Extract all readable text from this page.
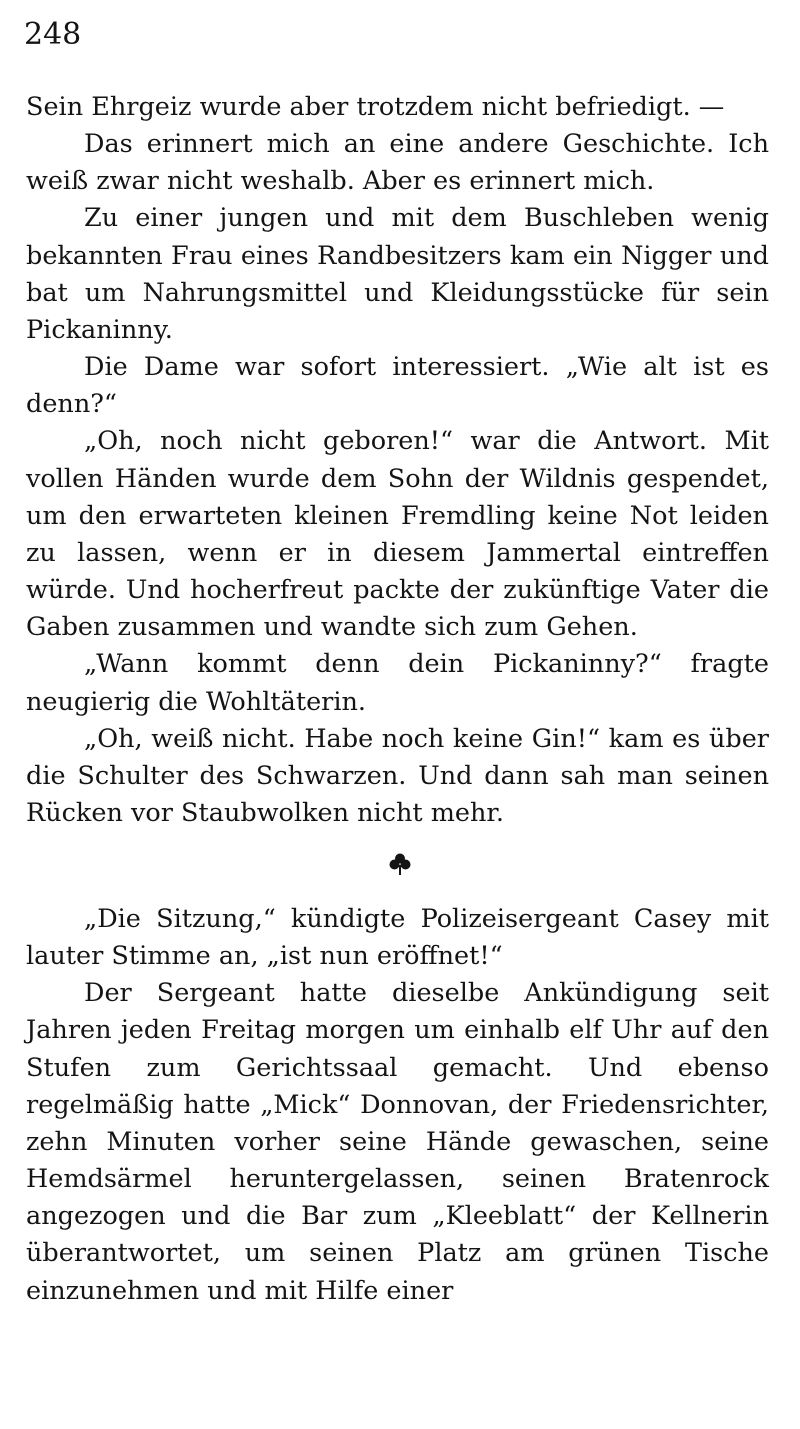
248

Sein Ehrgeiz wurde aber trotzdem nicht befriedigt. —

Das erinnert mich an eine andere Geschichte. Ich weiß zwar nicht weshalb. Aber es erinnert mich.

Zu einer jungen und mit dem Buschleben wenig bekannten Frau eines Randbesitzers kam ein Nigger und bat um Nahrungsmittel und Kleidungsstücke für sein Pickaninny.

Die Dame war sofort interessiert. „Wie alt ist es denn?“

„Oh, noch nicht geboren!“ war die Antwort. Mit vollen Händen wurde dem Sohn der Wildnis gespendet, um den erwarteten kleinen Fremdling keine Not leiden zu lassen, wenn er in diesem Jammertal eintreffen würde. Und hocherfreut packte der zukünftige Vater die Gaben zusammen und wandte sich zum Gehen.

„Wann kommt denn dein Pickaninny?“ fragte neugierig die Wohltäterin.

„Oh, weiß nicht. Habe noch keine Gin!“ kam es über die Schulter des Schwarzen. Und dann sah man seinen Rücken vor Staubwolken nicht mehr.

„Die Sitzung,“ kündigte Polizeisergeant Casey mit lauter Stimme an, „ist nun eröffnet!“

Der Sergeant hatte dieselbe Ankündigung seit Jahren jeden Freitag morgen um einhalb elf Uhr auf den Stufen zum Gerichtssaal gemacht. Und ebenso regelmäßig hatte „Mick“ Donnovan, der Friedensrichter, zehn Minuten vorher seine Hände gewaschen, seine Hemdsärmel heruntergelassen, seinen Bratenrock angezogen und die Bar zum „Kleeblatt“ der Kellnerin überantwortet, um seinen Platz am grünen Tische einzunehmen und mit Hilfe einer
